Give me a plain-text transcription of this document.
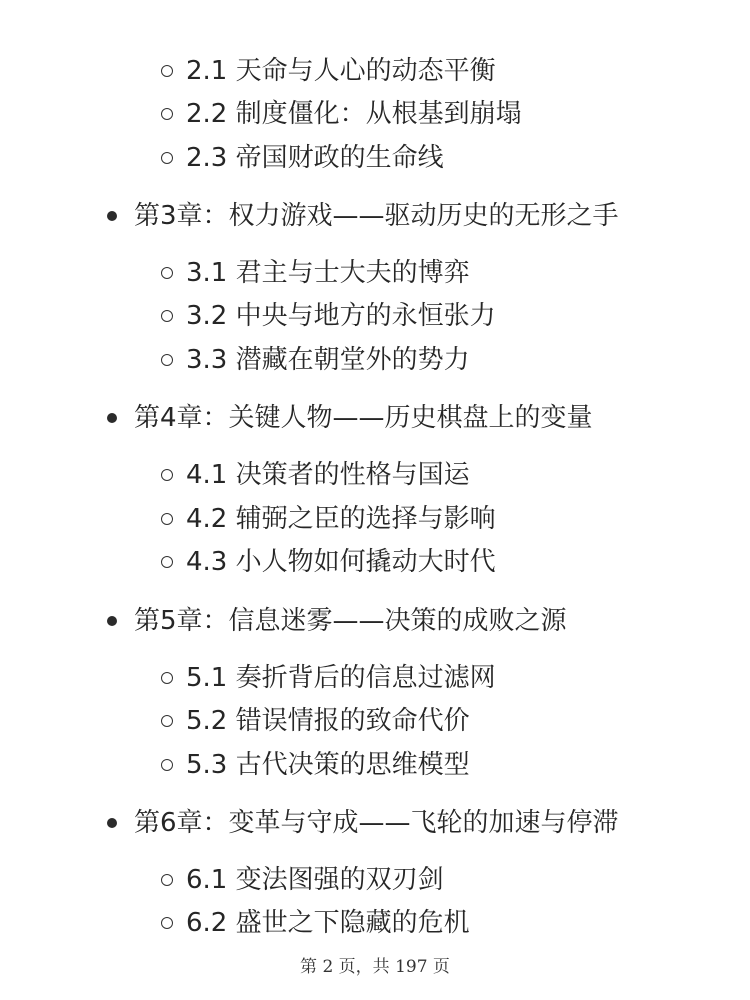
2.1 天命与人心的动态平衡
2.2 制度僵化：从根基到崩塌
2.3 帝国财政的生命线
第3章：权力游戏——驱动历史的无形之手
3.1 君主与士大夫的博弈
3.2 中央与地方的永恒张力
3.3 潜藏在朝堂外的势力
第4章：关键人物——历史棋盘上的变量
4.1 决策者的性格与国运
4.2 辅弼之臣的选择与影响
4.3 小人物如何撬动大时代
第5章：信息迷雾——决策的成败之源
5.1 奏折背后的信息过滤网
5.2 错误情报的致命代价
5.3 古代决策的思维模型
第6章：变革与守成——飞轮的加速与停滞
6.1 变法图强的双刃剑
6.2 盛世之下隐藏的危机
第 2 页，共 197 页
